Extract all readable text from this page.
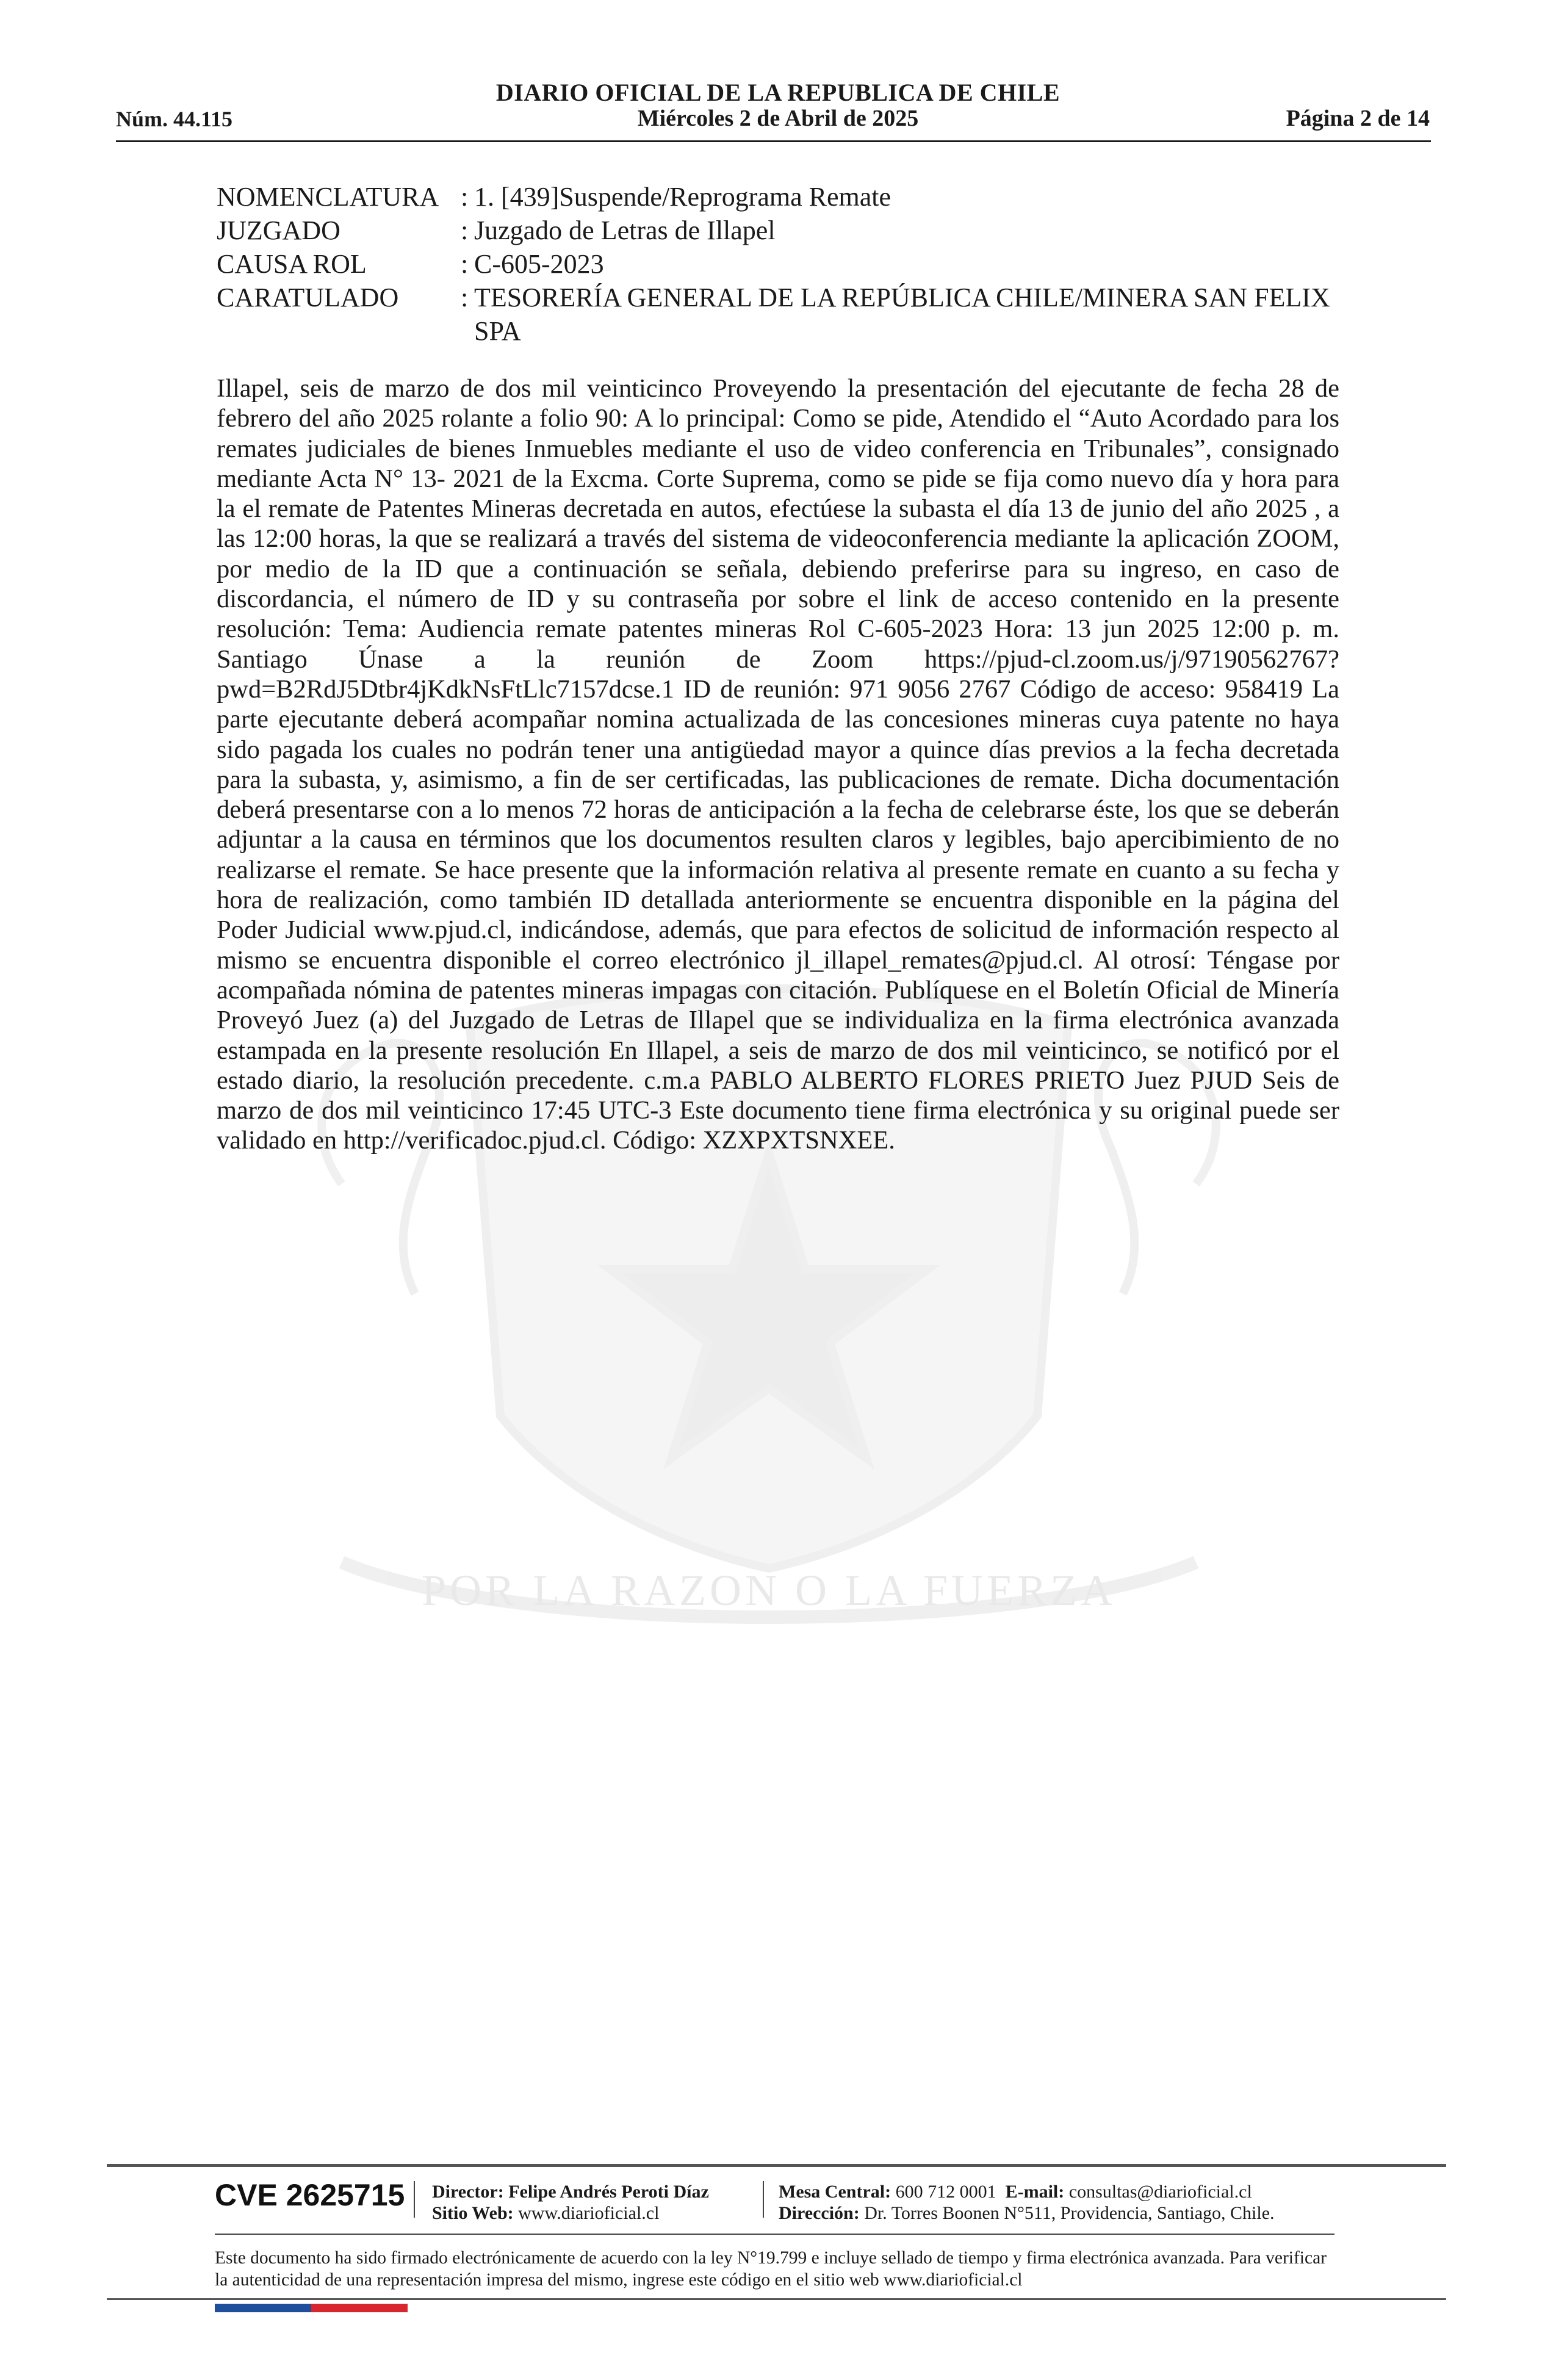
DIARIO OFICIAL DE LA REPUBLICA DE CHILE
Miércoles 2 de Abril de 2025
Núm. 44.115	Página 2 de 14
POR LA RAZON O LA FUERZA
NOMENCLATURA : 1. [439]Suspende/Reprograma Remate
JUZGADO	: Juzgado de Letras de Illapel
CAUSA ROL	: C-605-2023
CARATULADO	: TESORERÍA GENERAL DE LA REPÚBLICA CHILE/MINERA SAN FELIX SPA
Illapel, seis de marzo de dos mil veinticinco Proveyendo la presentación del ejecutante de fecha 28 de febrero del año 2025 rolante a folio 90: A lo principal: Como se pide, Atendido el “Auto Acordado para los remates judiciales de bienes Inmuebles mediante el uso de video conferencia en Tribunales”, consignado mediante Acta N° 13- 2021 de la Excma. Corte Suprema, como se pide se fija como nuevo día y hora para la el remate de Patentes Mineras decretada en autos, efectúese la subasta el día 13 de junio del año 2025 , a las 12:00 horas, la que se realizará a través del sistema de videoconferencia mediante la aplicación ZOOM, por medio de la ID que a continuación se señala, debiendo preferirse para su ingreso, en caso de discordancia, el número de ID y su contraseña por sobre el link de acceso contenido en la presente resolución: Tema: Audiencia remate patentes mineras Rol C-605-2023 Hora: 13 jun 2025 12:00 p. m. Santiago Únase a la reunión de Zoom https://pjud-cl.zoom.us/j/97190562767?pwd=B2RdJ5Dtbr4jKdkNsFtLlc7157dcse.1 ID de reunión: 971 9056 2767 Código de acceso: 958419 La parte ejecutante deberá acompañar nomina actualizada de las concesiones mineras cuya patente no haya sido pagada los cuales no podrán tener una antigüedad mayor a quince días previos a la fecha decretada para la subasta, y, asimismo, a fin de ser certificadas, las publicaciones de remate. Dicha documentación deberá presentarse con a lo menos 72 horas de anticipación a la fecha de celebrarse éste, los que se deberán adjuntar a la causa en términos que los documentos resulten claros y legibles, bajo apercibimiento de no realizarse el remate. Se hace presente que la información relativa al presente remate en cuanto a su fecha y hora de realización, como también ID detallada anteriormente se encuentra disponible en la página del Poder Judicial www.pjud.cl, indicándose, además, que para efectos de solicitud de información respecto al mismo se encuentra disponible el correo electrónico jl_illapel_remates@pjud.cl. Al otrosí: Téngase por acompañada nómina de patentes mineras impagas con citación. Publíquese en el Boletín Oficial de Minería Proveyó Juez (a) del Juzgado de Letras de Illapel que se individualiza en la firma electrónica avanzada estampada en la presente resolución En Illapel, a seis de marzo de dos mil veinticinco, se notificó por el estado diario, la resolución precedente. c.m.a PABLO ALBERTO FLORES PRIETO Juez PJUD Seis de marzo de dos mil veinticinco 17:45 UTC-3 Este documento tiene firma electrónica y su original puede ser validado en http://verificadoc.pjud.cl. Código: XZXPXTSNXEE.
CVE 2625715 Director: Felipe Andrés Peroti Díaz
Sitio Web: www.diarioficial.cl
Mesa Central: 600 712 0001 E-mail: consultas@diarioficial.cl
Dirección: Dr. Torres Boonen N°511, Providencia, Santiago, Chile.
Este documento ha sido firmado electrónicamente de acuerdo con la ley N°19.799 e incluye sellado de tiempo y firma electrónica avanzada. Para verificar la autenticidad de una representación impresa del mismo, ingrese este código en el sitio web www.diarioficial.cl
